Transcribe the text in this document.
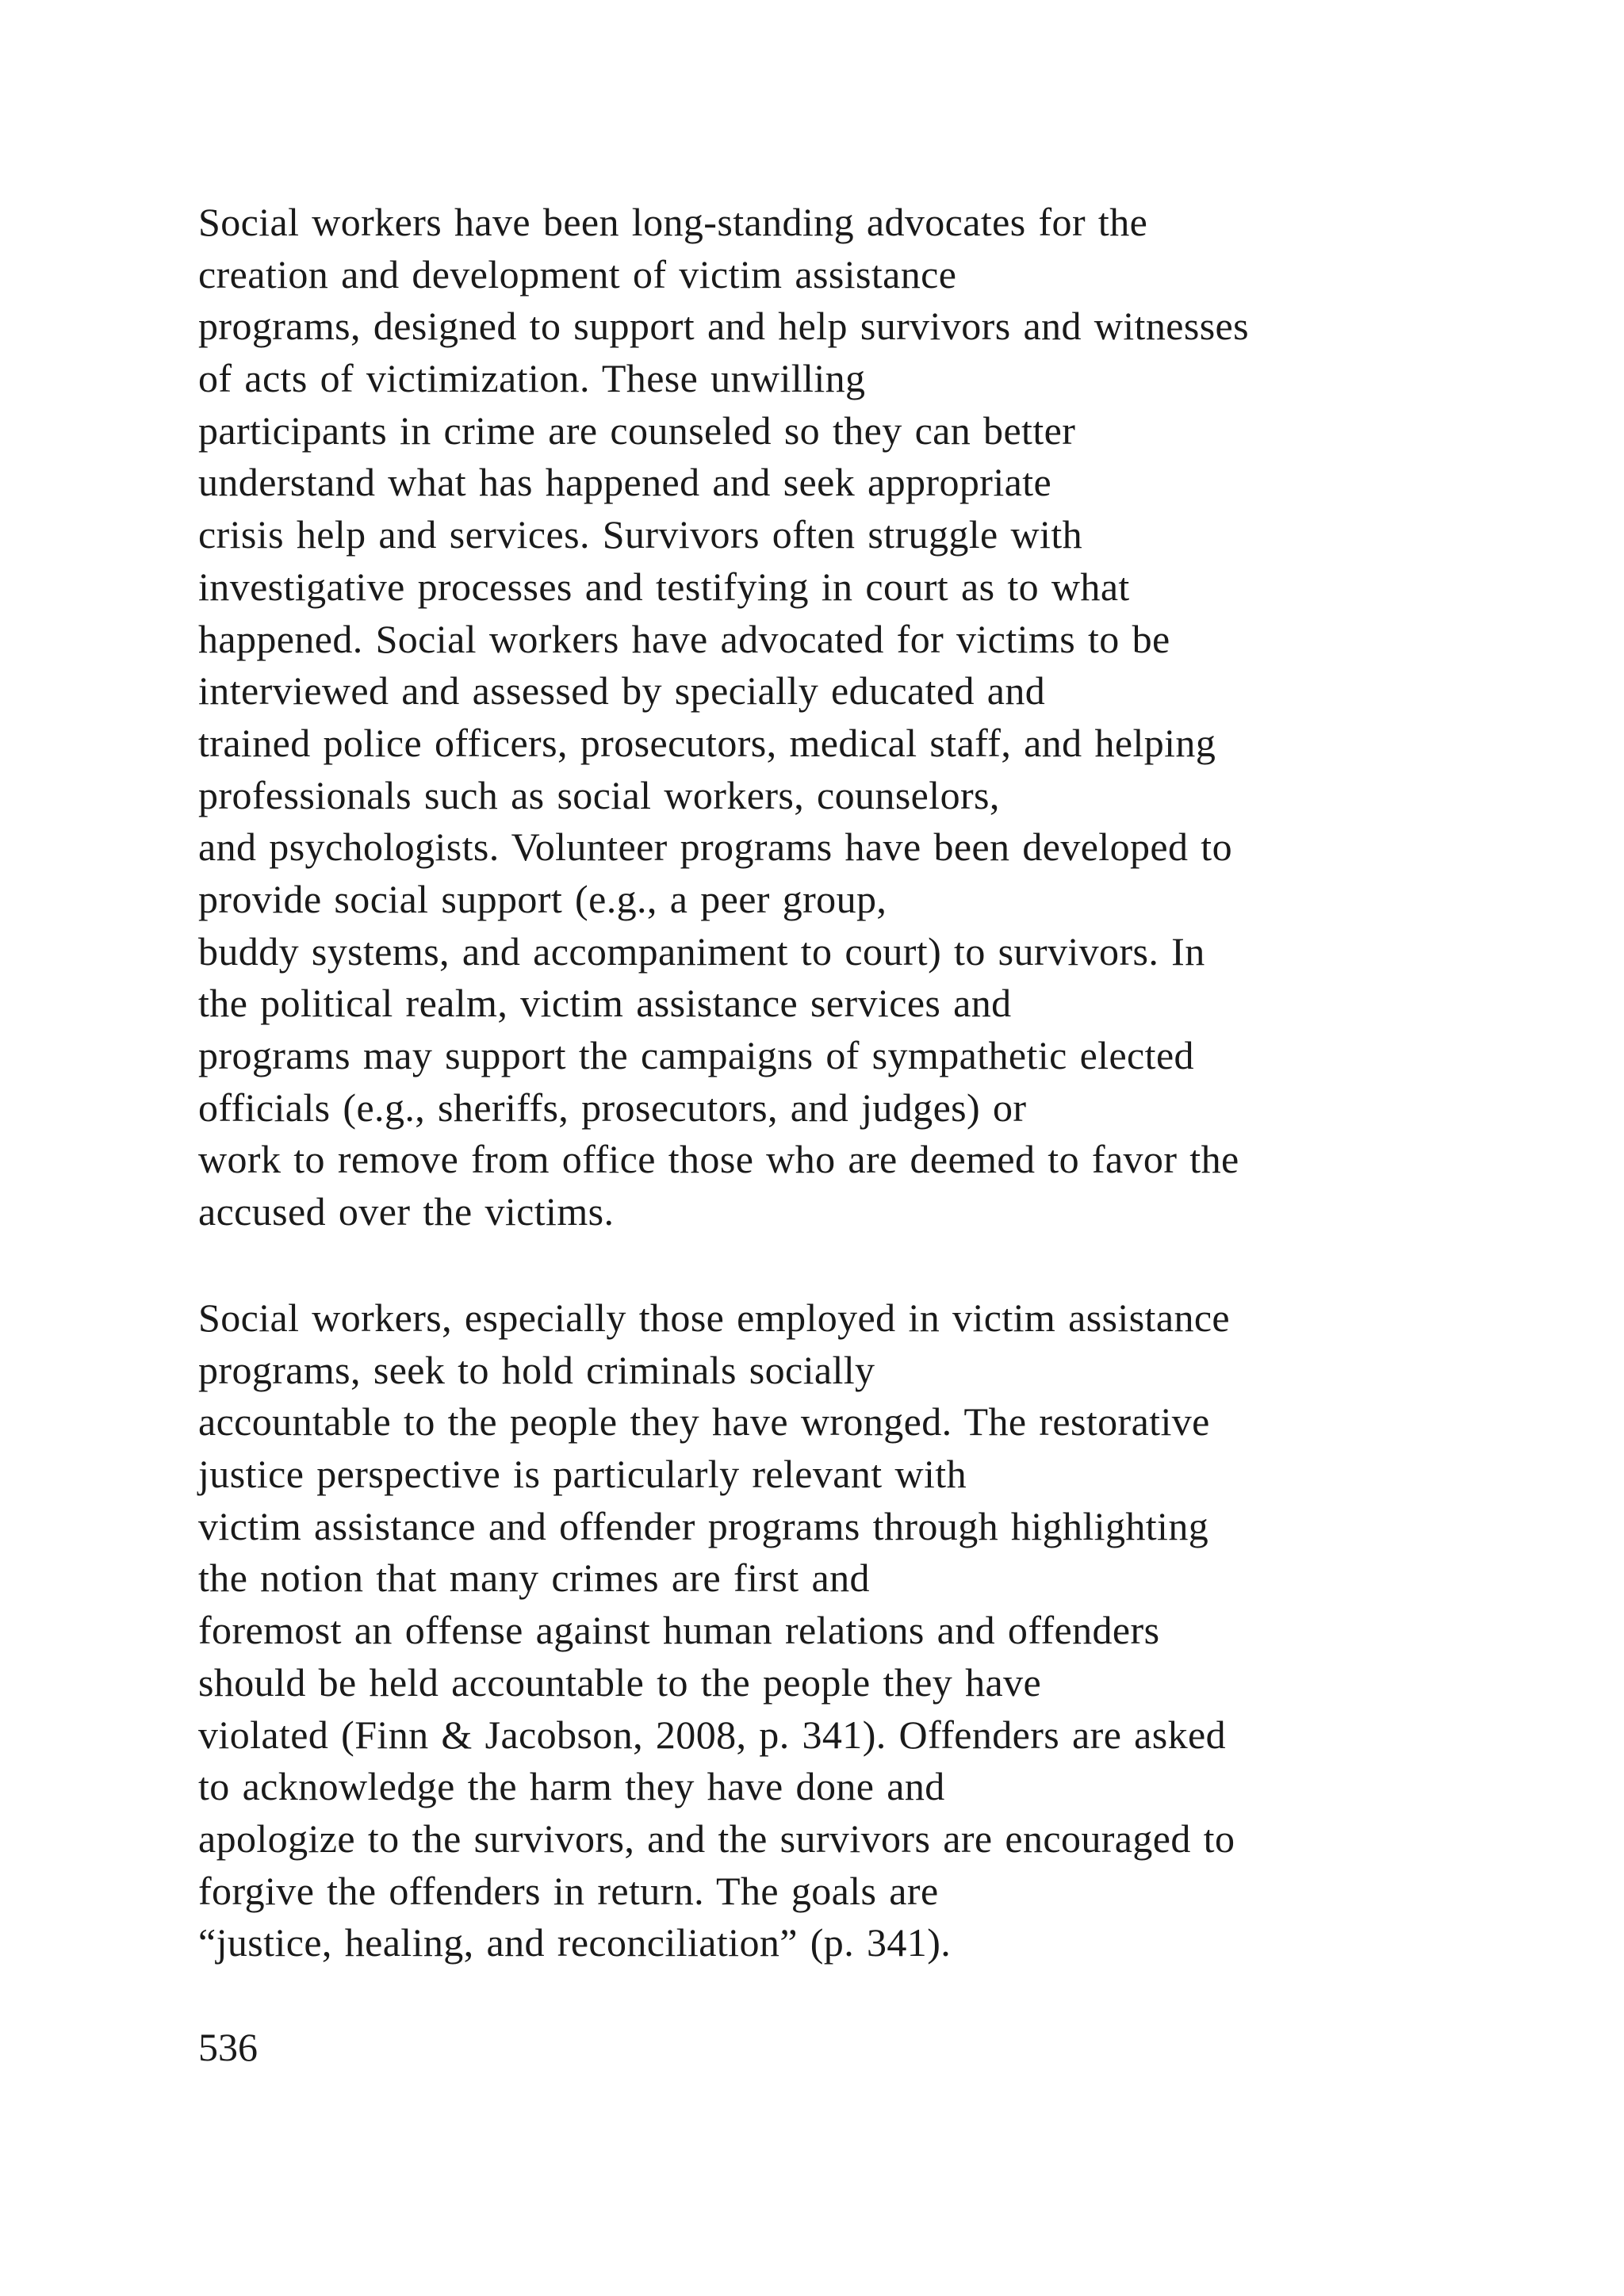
Social workers have been long-standing advocates for the
creation and development of victim assistance
programs, designed to support and help survivors and witnesses
of acts of victimization. These unwilling
participants in crime are counseled so they can better
understand what has happened and seek appropriate
crisis help and services. Survivors often struggle with
investigative processes and testifying in court as to what
happened. Social workers have advocated for victims to be
interviewed and assessed by specially educated and
trained police officers, prosecutors, medical staff, and helping
professionals such as social workers, counselors,
and psychologists. Volunteer programs have been developed to
provide social support (e.g., a peer group,
buddy systems, and accompaniment to court) to survivors. In
the political realm, victim assistance services and
programs may support the campaigns of sympathetic elected
officials (e.g., sheriffs, prosecutors, and judges) or
work to remove from office those who are deemed to favor the
accused over the victims.
Social workers, especially those employed in victim assistance
programs, seek to hold criminals socially
accountable to the people they have wronged. The restorative
justice perspective is particularly relevant with
victim assistance and offender programs through highlighting
the notion that many crimes are first and
foremost an offense against human relations and offenders
should be held accountable to the people they have
violated (Finn & Jacobson, 2008, p. 341). Offenders are asked
to acknowledge the harm they have done and
apologize to the survivors, and the survivors are encouraged to
forgive the offenders in return. The goals are
“justice, healing, and reconciliation” (p. 341).
536
